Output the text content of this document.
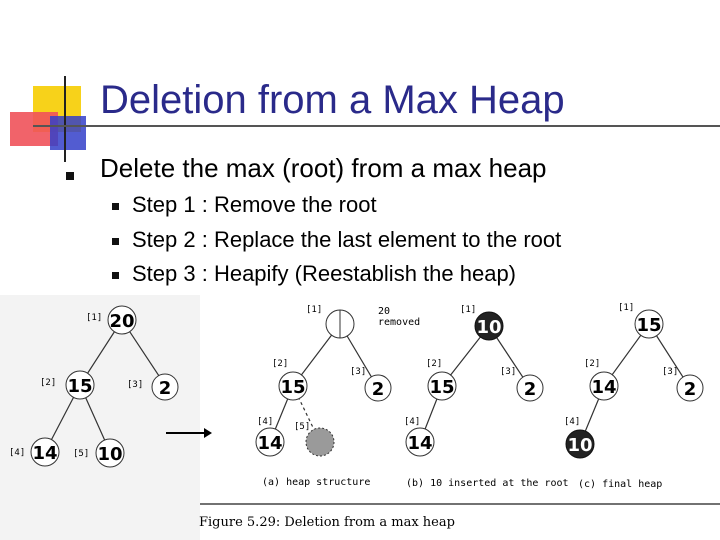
Deletion from a Max Heap
Delete the max (root) from a max heap
Step 1 : Remove the root
Step 2 : Replace the last element to the root
Step 3 : Heapify (Reestablish the heap)
20
[1]
15
[2]	2
[3]
14
[4]	10
[5]
[1]	20 removed
15
[2]
2
[3]
14
[4] [5]
10
[1]
15
[2]
2
[3]
14
[4]
15
[1]
14
[2]
2
[3]
10
[4]
(a) heap structure	(b) 10 inserted at the root (c) final heap
Figure 5.29: Deletion from a max heap
